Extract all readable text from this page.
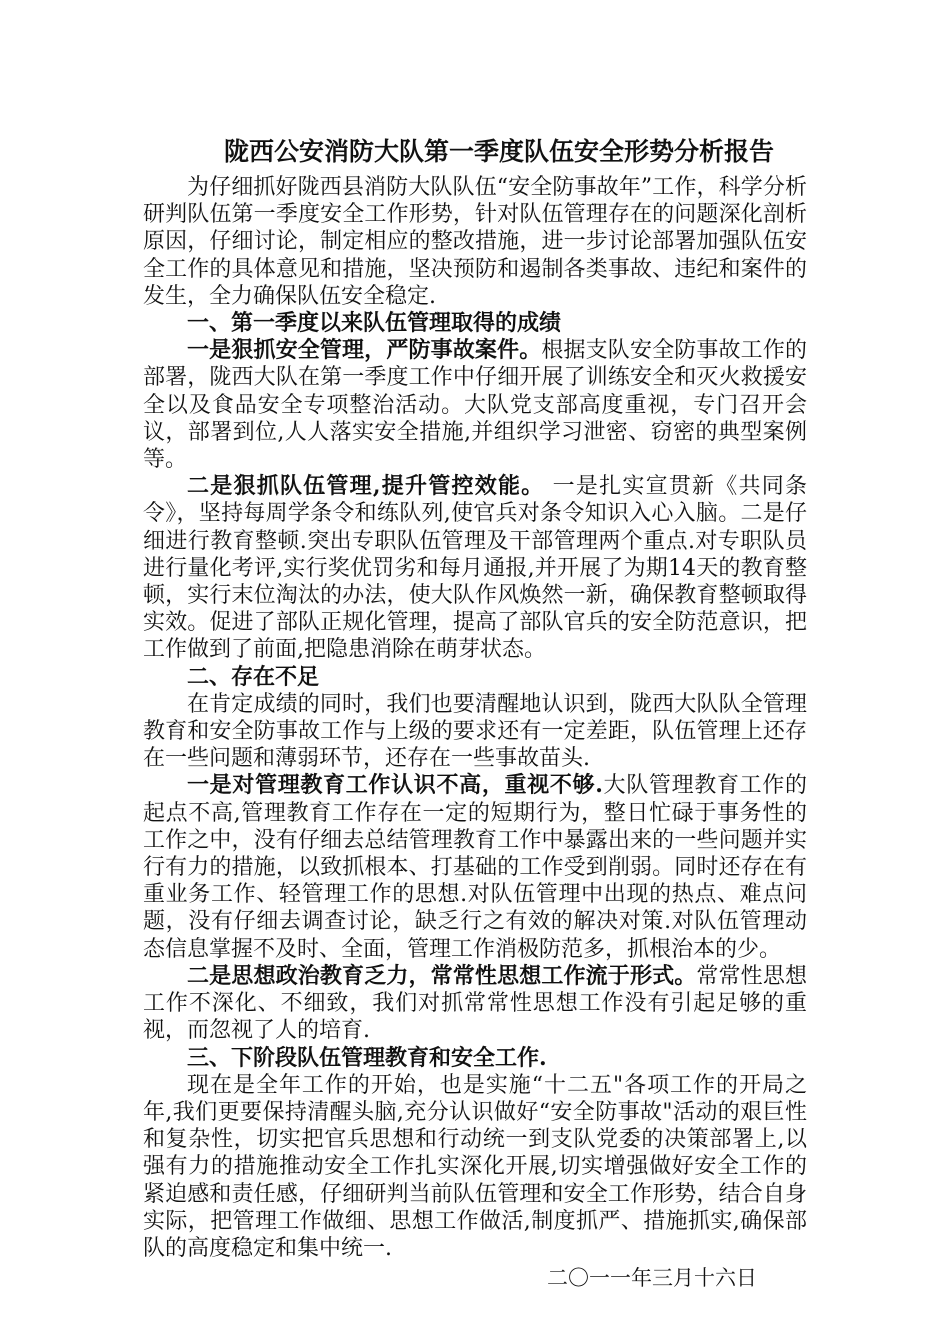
陇西公安消防大队第一季度队伍安全形势分析报告

为仔细抓好陇西县消防大队队伍“安全防事故年”工作，科学分析研判队伍第一季度安全工作形势，针对队伍管理存在的问题深化剖析原因，仔细讨论，制定相应的整改措施，进一步讨论部署加强队伍安全工作的具体意见和措施，坚决预防和遏制各类事故、违纪和案件的发生，全力确保队伍安全稳定.

一、第一季度以来队伍管理取得的成绩

一是狠抓安全管理，严防事故案件。根据支队安全防事故工作的部署，陇西大队在第一季度工作中仔细开展了训练安全和灭火救援安全以及食品安全专项整治活动。大队党支部高度重视，专门召开会议，部署到位,人人落实安全措施,并组织学习泄密、窃密的典型案例等。

二是狠抓队伍管理,提升管控效能。 一是扎实宣贯新《共同条令》，坚持每周学条令和练队列,使官兵对条令知识入心入脑。二是仔细进行教育整顿.突出专职队伍管理及干部管理两个重点.对专职队员进行量化考评,实行奖优罚劣和每月通报,并开展了为期14天的教育整顿，实行末位淘汰的办法，使大队作风焕然一新，确保教育整顿取得实效。促进了部队正规化管理，提高了部队官兵的安全防范意识，把工作做到了前面,把隐患消除在萌芽状态。

二、存在不足

在肯定成绩的同时，我们也要清醒地认识到，陇西大队队全管理教育和安全防事故工作与上级的要求还有一定差距，队伍管理上还存在一些问题和薄弱环节，还存在一些事故苗头.

一是对管理教育工作认识不高，重视不够.大队管理教育工作的起点不高,管理教育工作存在一定的短期行为，整日忙碌于事务性的工作之中，没有仔细去总结管理教育工作中暴露出来的一些问题并实行有力的措施，以致抓根本、打基础的工作受到削弱。同时还存在有重业务工作、轻管理工作的思想.对队伍管理中出现的热点、难点问题，没有仔细去调查讨论，缺乏行之有效的解决对策.对队伍管理动态信息掌握不及时、全面，管理工作消极防范多，抓根治本的少。

二是思想政治教育乏力，常常性思想工作流于形式。常常性思想工作不深化、不细致，我们对抓常常性思想工作没有引起足够的重视，而忽视了人的培育.

三、下阶段队伍管理教育和安全工作.

现在是全年工作的开始，也是实施“十二五"各项工作的开局之年,我们更要保持清醒头脑,充分认识做好“安全防事故"活动的艰巨性和复杂性，切实把官兵思想和行动统一到支队党委的决策部署上,以强有力的措施推动安全工作扎实深化开展,切实增强做好安全工作的紧迫感和责任感，仔细研判当前队伍管理和安全工作形势，结合自身实际，把管理工作做细、思想工作做活,制度抓严、措施抓实,确保部队的高度稳定和集中统一.

二〇一一年三月十六日
